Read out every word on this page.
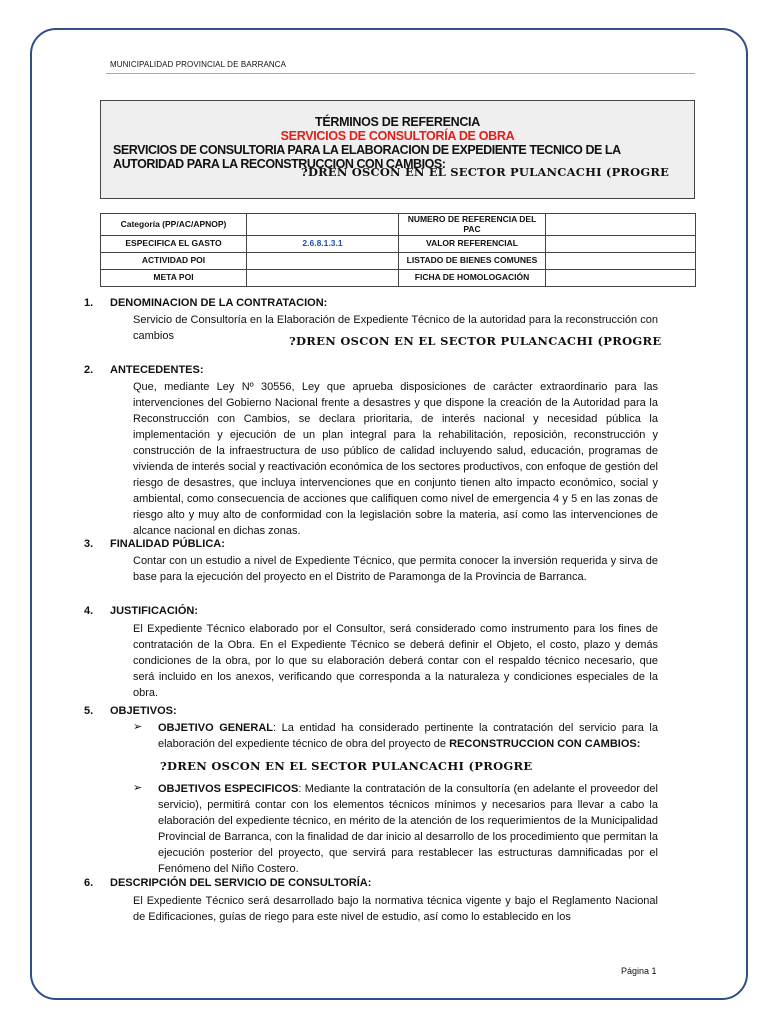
MUNICIPALIDAD PROVINCIAL DE BARRANCA
TÉRMINOS DE REFERENCIA
SERVICIOS DE CONSULTORÍA DE OBRA
SERVICIOS DE CONSULTORIA PARA LA ELABORACION DE EXPEDIENTE TECNICO DE LA AUTORIDAD PARA LA RECONSTRUCCION CON CAMBIOS:
?DREN OSCON EN EL SECTOR PULANCACHI (PROGRE
Categoría (PP/AC/APNOP)		NUMERO DE REFERENCIA DEL PAC	
ESPECIFICA EL GASTO	2.6.8.1.3.1	VALOR REFERENCIAL	
ACTIVIDAD POI		LISTADO DE BIENES COMUNES	
META POI		FICHA DE HOMOLOGACIÓN	
1. DENOMINACION DE LA CONTRATACION:
Servicio de Consultoría en la Elaboración de Expediente Técnico de la autoridad para la reconstrucción con cambios	?DREN OSCON EN EL SECTOR PULANCACHI (PROGRE
2. ANTECEDENTES:
Que, mediante Ley Nº 30556, Ley que aprueba disposiciones de carácter extraordinario para las intervenciones del Gobierno Nacional frente a desastres y que dispone la creación de la Autoridad para la Reconstrucción con Cambios, se declara prioritaria, de interés nacional y necesidad pública la implementación y ejecución de un plan integral para la rehabilitación, reposición, reconstrucción y construcción de la infraestructura de uso público de calidad incluyendo salud, educación, programas de vivienda de interés social y reactivación económica de los sectores productivos, con enfoque de gestión del riesgo de desastres, que incluya intervenciones que en conjunto tienen alto impacto económico, social y ambiental, como consecuencia de acciones que califiquen como nivel de emergencia 4 y 5 en las zonas de riesgo alto y muy alto de conformidad con la legislación sobre la materia, así como las intervenciones de alcance nacional en dichas zonas.
3. FINALIDAD PÚBLICA:
Contar con un estudio a nivel de Expediente Técnico, que permita conocer la inversión requerida y sirva de base para la ejecución del proyecto en el Distrito de Paramonga de la Provincia de Barranca.
4. JUSTIFICACIÓN:
El Expediente Técnico elaborado por el Consultor, será considerado como instrumento para los fines de contratación de la Obra. En el Expediente Técnico se deberá definir el Objeto, el costo, plazo y demás condiciones de la obra, por lo que su elaboración deberá contar con el respaldo técnico necesario, que será incluido en los anexos, verificando que corresponda a la naturaleza y condiciones especiales de la obra.
5. OBJETIVOS:
➢ OBJETIVO GENERAL: La entidad ha considerado pertinente la contratación del servicio para la elaboración del expediente técnico de obra del proyecto de RECONSTRUCCION CON CAMBIOS:
?DREN OSCON EN EL SECTOR PULANCACHI (PROGRE
➢ OBJETIVOS ESPECIFICOS: Mediante la contratación de la consultoría (en adelante el proveedor del servicio), permitirá contar con los elementos técnicos mínimos y necesarios para llevar a cabo la elaboración del expediente técnico, en mérito de la atención de los requerimientos de la Municipalidad Provincial de Barranca, con la finalidad de dar inicio al desarrollo de los procedimiento que permitan la ejecución posterior del proyecto, que servirá para restablecer las estructuras damnificadas por el Fenómeno del Niño Costero.
6. DESCRIPCIÓN DEL SERVICIO DE CONSULTORÍA:
El Expediente Técnico será desarrollado bajo la normativa técnica vigente y bajo el Reglamento Nacional de Edificaciones, guías de riego para este nivel de estudio, así como lo establecido en los
Página 1
